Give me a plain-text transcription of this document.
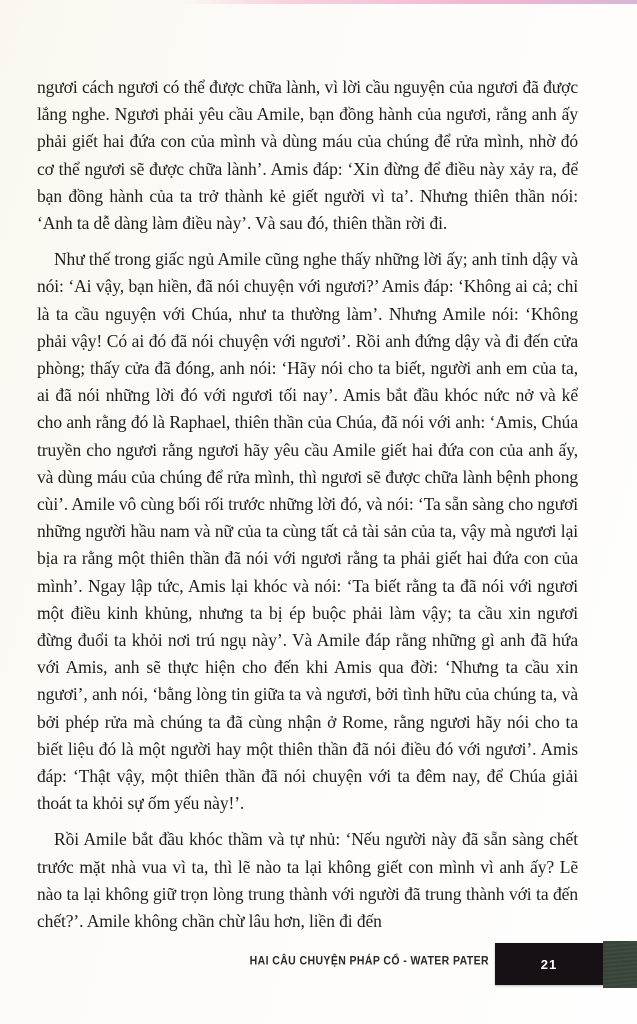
ngươi cách ngươi có thể được chữa lành, vì lời cầu nguyện của ngươi đã được lắng nghe. Ngươi phải yêu cầu Amile, bạn đồng hành của ngươi, rằng anh ấy phải giết hai đứa con của mình và dùng máu của chúng để rửa mình, nhờ đó cơ thể ngươi sẽ được chữa lành’. Amis đáp: ‘Xin đừng để điều này xảy ra, để bạn đồng hành của ta trở thành kẻ giết người vì ta’. Nhưng thiên thần nói: ‘Anh ta dễ dàng làm điều này’. Và sau đó, thiên thần rời đi.

Như thế trong giấc ngủ Amile cũng nghe thấy những lời ấy; anh tỉnh dậy và nói: ‘Ai vậy, bạn hiền, đã nói chuyện với ngươi?’ Amis đáp: ‘Không ai cả; chỉ là ta cầu nguyện với Chúa, như ta thường làm’. Nhưng Amile nói: ‘Không phải vậy! Có ai đó đã nói chuyện với ngươi’. Rồi anh đứng dậy và đi đến cửa phòng; thấy cửa đã đóng, anh nói: ‘Hãy nói cho ta biết, người anh em của ta, ai đã nói những lời đó với ngươi tối nay’. Amis bắt đầu khóc nức nở và kể cho anh rằng đó là Raphael, thiên thần của Chúa, đã nói với anh: ‘Amis, Chúa truyền cho ngươi rằng ngươi hãy yêu cầu Amile giết hai đứa con của anh ấy, và dùng máu của chúng để rửa mình, thì ngươi sẽ được chữa lành bệnh phong cùi’. Amile vô cùng bối rối trước những lời đó, và nói: ‘Ta sẵn sàng cho ngươi những người hầu nam và nữ của ta cùng tất cả tài sản của ta, vậy mà ngươi lại bịa ra rằng một thiên thần đã nói với ngươi rằng ta phải giết hai đứa con của mình’. Ngay lập tức, Amis lại khóc và nói: ‘Ta biết rằng ta đã nói với ngươi một điều kinh khủng, nhưng ta bị ép buộc phải làm vậy; ta cầu xin ngươi đừng đuổi ta khỏi nơi trú ngụ này’. Và Amile đáp rằng những gì anh đã hứa với Amis, anh sẽ thực hiện cho đến khi Amis qua đời: ‘Nhưng ta cầu xin ngươi’, anh nói, ‘bằng lòng tin giữa ta và ngươi, bởi tình hữu của chúng ta, và bởi phép rửa mà chúng ta đã cùng nhận ở Rome, rằng ngươi hãy nói cho ta biết liệu đó là một người hay một thiên thần đã nói điều đó với ngươi’. Amis đáp: ‘Thật vậy, một thiên thần đã nói chuyện với ta đêm nay, để Chúa giải thoát ta khỏi sự ốm yếu này!’.

Rồi Amile bắt đầu khóc thầm và tự nhủ: ‘Nếu người này đã sẵn sàng chết trước mặt nhà vua vì ta, thì lẽ nào ta lại không giết con mình vì anh ấy? Lẽ nào ta lại không giữ trọn lòng trung thành với người đã trung thành với ta đến chết?’. Amile không chần chừ lâu hơn, liền đi đến

HAI CÂU CHUYỆN PHÁP CỔ - WATER PATER	21
